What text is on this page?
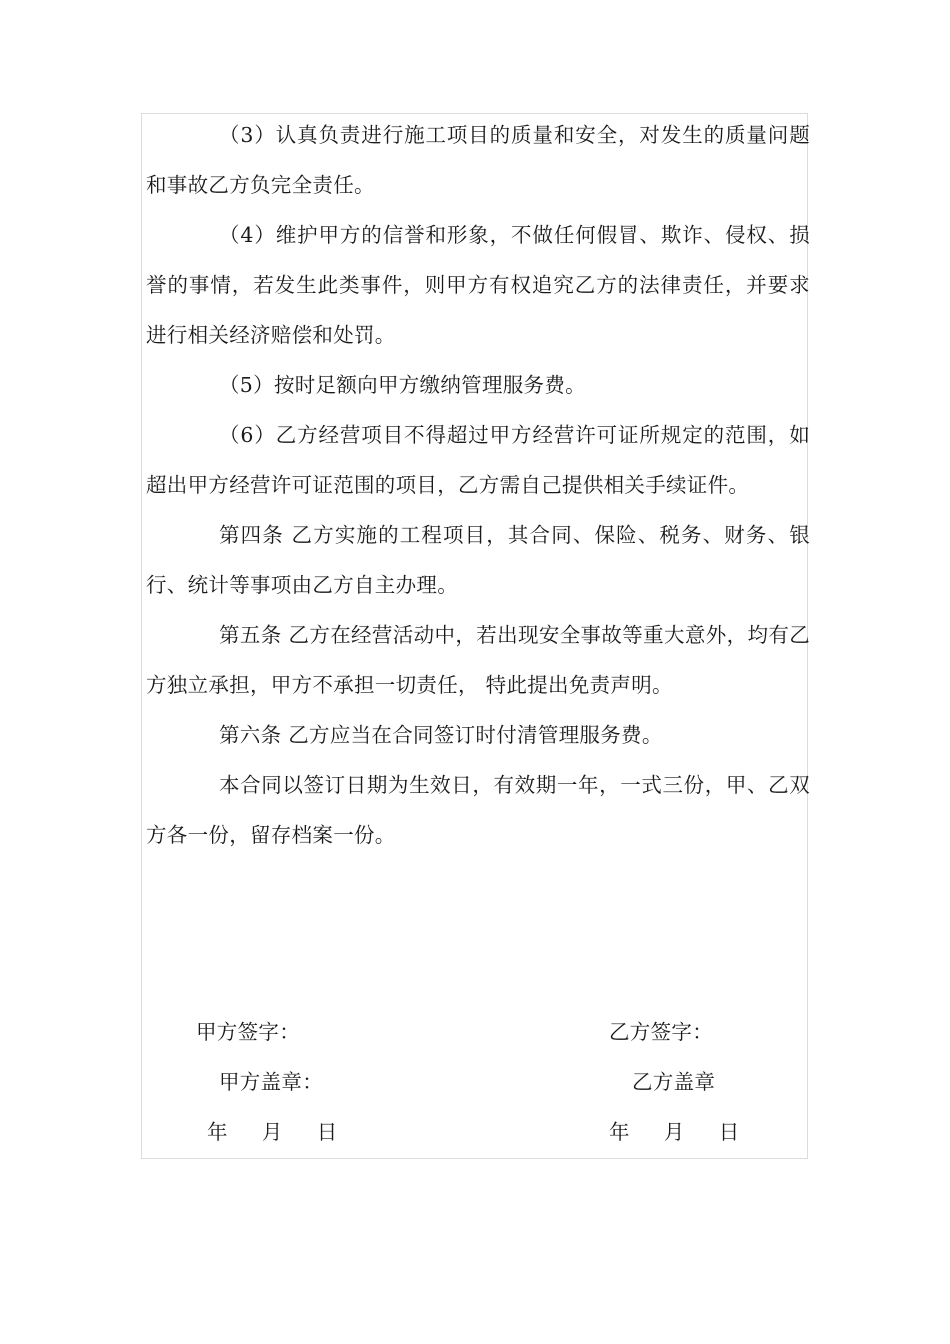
（3）认真负责进行施工项目的质量和安全，对发生的质量问题和事故乙方负完全责任。

（4）维护甲方的信誉和形象，不做任何假冒、欺诈、侵权、损誉的事情，若发生此类事件，则甲方有权追究乙方的法律责任，并要求进行相关经济赔偿和处罚。

（5）按时足额向甲方缴纳管理服务费。

（6）乙方经营项目不得超过甲方经营许可证所规定的范围，如超出甲方经营许可证范围的项目，乙方需自己提供相关手续证件。

第四条 乙方实施的工程项目，其合同、保险、税务、财务、银行、统计等事项由乙方自主办理。

第五条 乙方在经营活动中，若出现安全事故等重大意外，均有乙方独立承担，甲方不承担一切责任， 特此提出免责声明。

第六条 乙方应当在合同签订时付清管理服务费。

本合同以签订日期为生效日，有效期一年，一式三份，甲、乙双方各一份，留存档案一份。

甲方签字：	乙方签字：
甲方盖章：	乙方盖章
年     月     日	年     月     日
